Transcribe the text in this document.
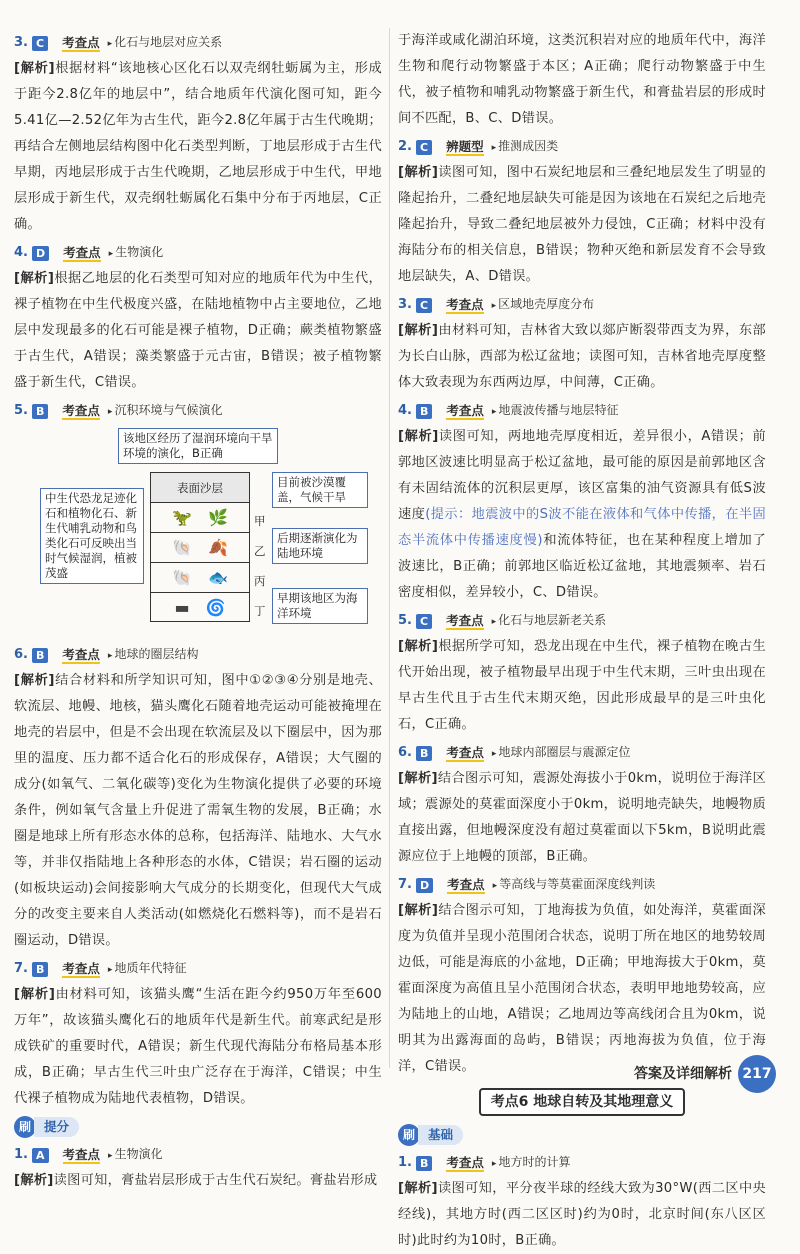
3. C	考查点 ▸ 化石与地层对应关系
[解析]根据材料“该地核心区化石以双壳纲牡蛎属为主，形成于距今2.8亿年的地层中”，结合地质年代演化图可知，距今5.41亿—2.52亿年为古生代，距今2.8亿年属于古生代晚期；再结合左侧地层结构图中化石类型判断，丁地层形成于古生代早期，丙地层形成于古生代晚期，乙地层形成于中生代，甲地层形成于新生代，双壳纲牡蛎属化石集中分布于丙地层，C正确。
4. D	考查点 ▸ 生物演化
[解析]根据乙地层的化石类型可知对应的地质年代为中生代，裸子植物在中生代极度兴盛，在陆地植物中占主要地位，乙地层中发现最多的化石可能是裸子植物，D正确；蕨类植物繁盛于古生代，A错误；藻类繁盛于元古宙，B错误；被子植物繁盛于新生代，C错误。
5. B	考查点 ▸ 沉积环境与气候演化
该地区经历了湿润环境向干旱环境的演化，B正确
中生代恐龙足迹化石和植物化石、新生代哺乳动物和鸟类化石可反映出当时气候湿润，植被茂盛
表面沙层
🦖 🌿
🐚 🍂
🐚 🐟
▬ 🌀
甲
乙
丙
丁
目前被沙漠覆盖，气候干旱
后期逐渐演化为陆地环境
早期该地区为海洋环境
6. B	考查点 ▸ 地球的圈层结构
[解析]结合材料和所学知识可知，图中①②③④分别是地壳、软流层、地幔、地核，猫头鹰化石随着地壳运动可能被掩埋在地壳的岩层中，但是不会出现在软流层及以下圈层中，因为那里的温度、压力都不适合化石的形成保存，A错误；大气圈的成分(如氧气、二氧化碳等)变化为生物演化提供了必要的环境条件，例如氧气含量上升促进了需氧生物的发展，B正确；水圈是地球上所有形态水体的总称，包括海洋、陆地水、大气水等，并非仅指陆地上各种形态的水体，C错误；岩石圈的运动(如板块运动)会间接影响大气成分的长期变化，但现代大气成分的改变主要来自人类活动(如燃烧化石燃料等)，而不是岩石圈运动，D错误。
7. B	考查点 ▸ 地质年代特征
[解析]由材料可知，该猫头鹰“生活在距今约950万年至600万年”，故该猫头鹰化石的地质年代是新生代。前寒武纪是形成铁矿的重要时代，A错误；新生代现代海陆分布格局基本形成，B正确；早古生代三叶虫广泛存在于海洋，C错误；中生代裸子植物成为陆地代表植物，D错误。
刷	提分
1. A	考查点 ▸ 生物演化
[解析]读图可知，膏盐岩层形成于古生代石炭纪。膏盐岩形成
于海洋或咸化湖泊环境，这类沉积岩对应的地质年代中，海洋生物和爬行动物繁盛于本区；A正确；爬行动物繁盛于中生代，被子植物和哺乳动物繁盛于新生代，和膏盐岩层的形成时间不匹配，B、C、D错误。
2. C	辨题型 ▸ 推测成因类
[解析]读图可知，图中石炭纪地层和三叠纪地层发生了明显的隆起抬升，二叠纪地层缺失可能是因为该地在石炭纪之后地壳隆起抬升，导致二叠纪地层被外力侵蚀，C正确；材料中没有海陆分布的相关信息，B错误；物种灭绝和新层发育不会导致地层缺失，A、D错误。
3. C	考查点 ▸ 区域地壳厚度分布
[解析]由材料可知，吉林省大致以郯庐断裂带西支为界，东部为长白山脉，西部为松辽盆地；读图可知，吉林省地壳厚度整体大致表现为东西两边厚，中间薄，C正确。
4. B	考查点 ▸ 地震波传播与地层特征
[解析]读图可知，两地地壳厚度相近，差异很小，A错误；前郭地区波速比明显高于松辽盆地，最可能的原因是前郭地区含有未固结流体的沉积层更厚，该区富集的油气资源具有低S波速度(提示：地震波中的S波不能在液体和气体中传播，在半固态半流体中传播速度慢)和流体特征，也在某种程度上增加了波速比，B正确；前郭地区临近松辽盆地，其地震频率、岩石密度相似，差异较小，C、D错误。
5. C	考查点 ▸ 化石与地层新老关系
[解析]根据所学可知，恐龙出现在中生代，裸子植物在晚古生代开始出现，被子植物最早出现于中生代末期，三叶虫出现在早古生代且于古生代末期灭绝，因此形成最早的是三叶虫化石，C正确。
6. B	考查点 ▸ 地球内部圈层与震源定位
[解析]结合图示可知，震源处海拔小于0km，说明位于海洋区域；震源处的莫霍面深度小于0km，说明地壳缺失，地幔物质直接出露，但地幔深度没有超过莫霍面以下5km，B说明此震源应位于上地幔的顶部，B正确。
7. D	考查点 ▸ 等高线与等莫霍面深度线判读
[解析]结合图示可知，丁地海拔为负值，如处海洋，莫霍面深度为负值并呈现小范围闭合状态，说明丁所在地区的地势较周边低，可能是海底的小盆地，D正确；甲地海拔大于0km，莫霍面深度为高值且呈小范围闭合状态，表明甲地地势较高，应为陆地上的山地，A错误；乙地周边等高线闭合且为0km，说明其为出露海面的岛屿，B错误；丙地海拔为负值，位于海洋，C错误。
考点6 地球自转及其地理意义
刷	基础
1. B	考查点 ▸ 地方时的计算
[解析]读图可知，平分夜半球的经线大致为30°W(西二区中央经线)，其地方时(西二区区时)约为0时，北京时间(东八区区时)此时约为10时，B正确。
答案及详细解析 217
